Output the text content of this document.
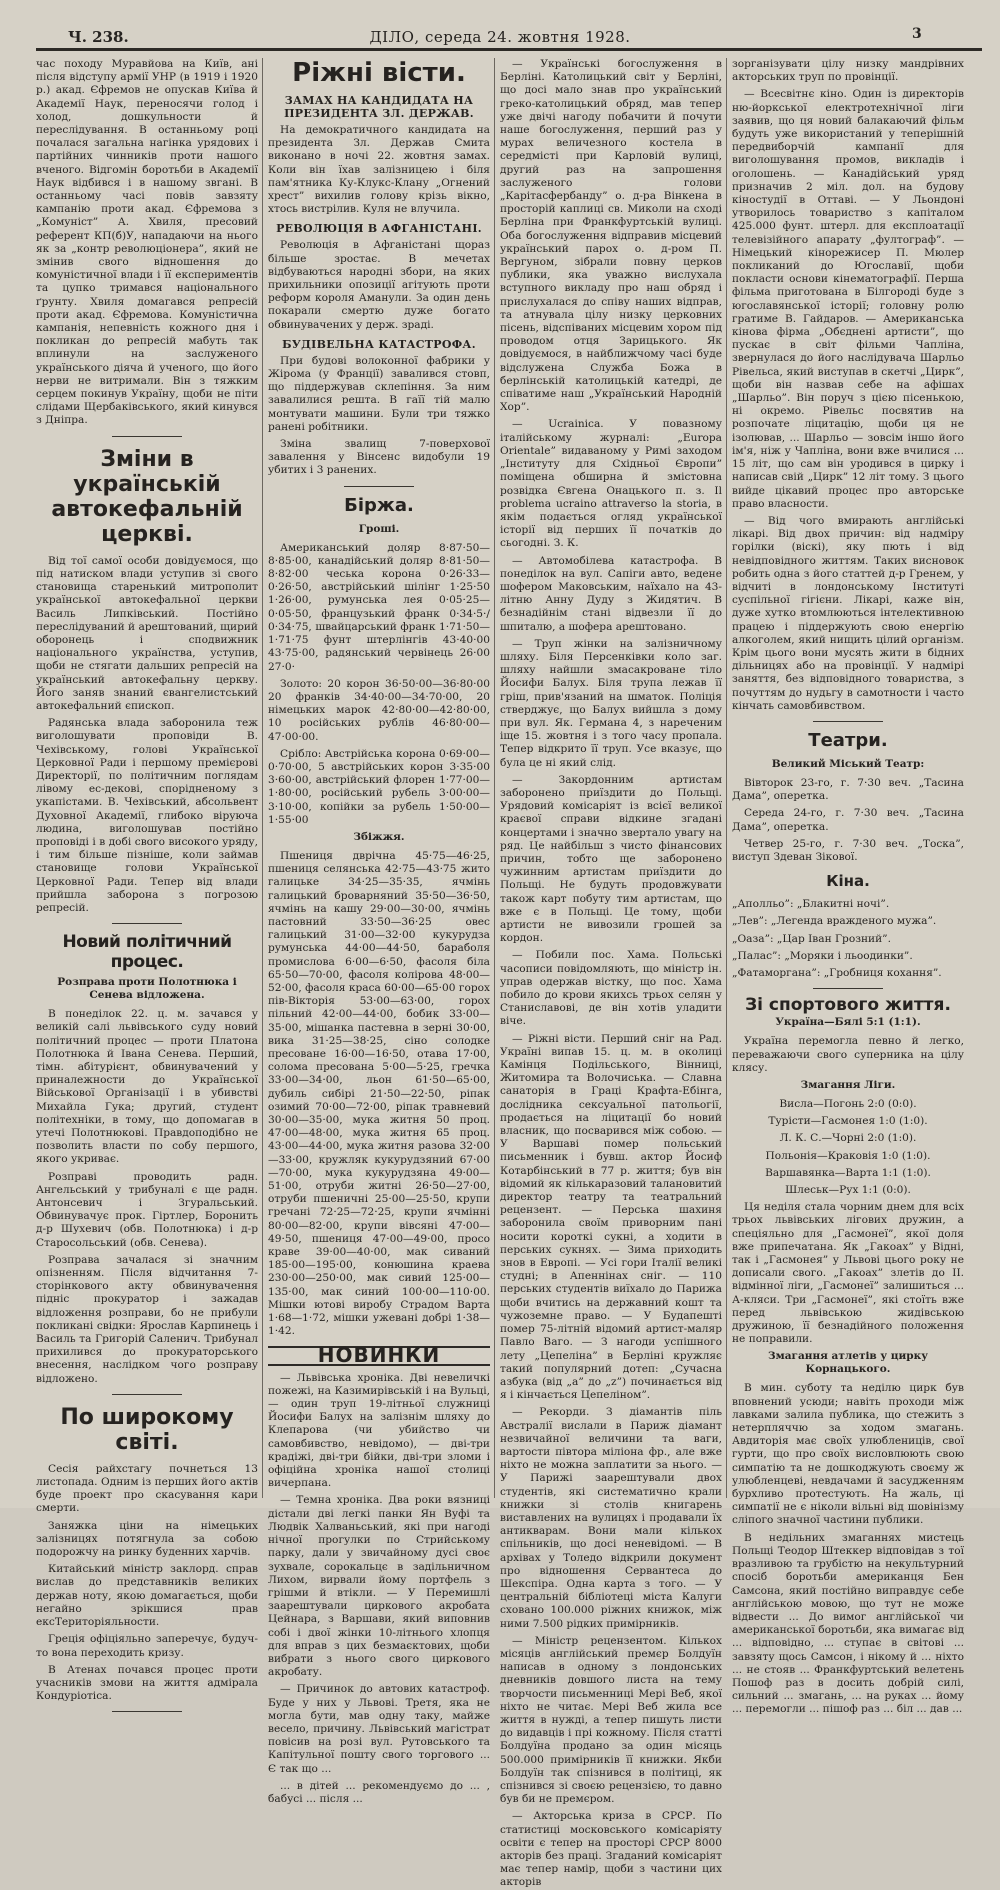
Ч. 238.	ДІЛО, середа 24. жовтня 1928.	3

час походу Муравйова на Київ, ані після відступу армії УНР (в 1919 і 1920 р.) акад. Єфремов не опускав Київа й Академії Наук, переносячи голод і холод, дошкульности й переслідування. В останньому році почалася загальна нагінка урядових і партійних чинників проти нашого вченого. Відгомін боротьби в Академії Наук відбився і в нашому звгані. В останньому часі повів завзяту кампанію проти акад. Єфремова з „Комуніст” А. Хвиля, пресовий референт КП(б)У, нападаючи на нього як за „контр революціонера”, який не змінив свого відношення до комуністичної влади і її експериментів та цупко тримався національного ґрунту. Хвиля домагався репресій проти акад. Єфремова. Комуністична кампанія, непевність кожного дня і покликан до репресій мабуть так вплинули на заслуженого українського діяча й ученого, що його нерви не витримали. Він з тяжким серцем покинув Україну, щоби не піти слідами Щербаківського, який кинувся з Дніпра.

Зміни в українській автокефальній церкві.

Від тої самої особи довідуємося, що під натиском влади уступив зі свого становища старенький митрополит української автокефальної церкви Василь Липківський. Постійно переслідуваний й арештований, щирий оборонець і сподвижник національного українства, уступив, щоби не стягати дальших репресій на український автокефальну церкву. Його заняв знаний євангелистський автокефальний єпископ.

Радянська влада заборонила теж виголошувати проповіди В. Чехівському, голові Української Церковної Ради і першому премієрові Директорії, по політичним поглядам лівому ес-декові, спорідненому з укапістами. В. Чехівський, абсольвент Духовної Академії, глибоко віруюча людина, виголошував постійно проповіді і в добі свого високого уряду, і тим більше пізніше, коли займав становище голови Української Церковної Ради. Тепер від влади прийшла заборона з погрозою репресій.

Новий політичний процес.
Розправа проти Полотнюка і Сенева відложена.

В понеділок 22. ц. м. зачався у великій салі львівського суду новий політичний процес — проти Платона Полотнюка й Івана Сенева. Перший, тімн. абітурієнт, обвинувачений у приналежности до Української Військової Організації і в убивстві Михайла Гука; другий, студент політехніки, в тому, що допомагав в утечі Полотнюкові. Правдоподібно не позволить власти по собу першого, якого укриває.

Розправі проводить радн. Ангельський у трибуналі є ще радн. Антонсевич і Згуральський. Обвинувачує прок. Гіртлер, Боронить д-р Шухевич (обв. Полотнюка) і д-р Старосольський (обв. Сенева).

Розправа зачалася зі значним опізненням. Після відчитання 7-сторінкового акту обвинувачення підніс прокуратор і зажадав відложення розправи, бо не прибули покликані свідки: Ярослав Карпинець і Василь та Григорій Саленич. Трибунал прихилився до прокураторського внесення, наслідком чого розправу відложено.

По широкому світі.

Сесія райхстагу почнеться 13 листопада. Одним із перших його актів буде проект про скасування кари смерти.

Заняжка ціни на німецьких залізницях потягнула за собою подорожчу на ринку буденних харчів.

Китайський міністр заклорд. справ вислав до представників великих держав ноту, якою домагається, щоби негайно зрікшися прав ексТериторіяльности.

Греція офіціяльно заперечує, будуч-то вона переходить кризу.

В Атенах почався процес проти учасників змови на життя адмірала Кондуріотіса.

Ріжні вісти.
ЗАМАХ НА КАНДИДАТА НА ПРЕЗИДЕНТА ЗЛ. ДЕРЖАВ.

На демократичного кандидата на президента Зл. Держав Смита виконано в ночі 22. жовтня замах. Коли він їхав залізницею і біля пам'ятника Ку-Клукс-Клану „Огнений хрест” вихилив голову крізь вікно, хтось вистрілив. Куля не влучила.

РЕВОЛЮЦІЯ В АФГАНІСТАНІ.

Революція в Афганістані щораз більше зростає. В мечетах відбуваються народні збори, на яких прихильники опозиції агітують проти реформ короля Аманули. За один день покарали смертю дуже богато обвинувачених у держ. зраді.

БУДІВЕЛЬНА КАТАСТРОФА.

При будові волоконної фабрики у Жірома (у Франції) завалився стовп, що піддержував склепіння. За ним завалилися решта. В гаїї тій малю монтувати машини. Були три тяжко ранені робітники.

Зміна звалищ 7-поверхової завалення у Вінсенс видобули 19 убитих і 3 ранених.

Біржа.
Гроші.

Американський доляр 8·87·50—8·85·00, канадійський доляр 8·81·50—8·82·00 чеська корона 0·26·33—0·26·50, австрійський шілінг 1·25·50 1·26·00, румунська лея 0·05·25—0·05·50, французький франк 0·34·5·/ 0·34·75, швайцарський франк 1·71·50—1·71·75 фунт штерлінгів 43·40·00 43·75·00, радянський червінець 26·00 27·0·

Золото: 20 корон 36·50·00—36·80·00 20 франків 34·40·00—34·70·00, 20 німецьких марок 42·80·00—42·80·00, 10 російських рублів 46·80·00—47·00·00.

Срібло: Австрійська корона 0·69·00—0·70·00, 5 австрійських корон 3·35·00 3·60·00, австрійський флорен 1·77·00—1·80·00, російський рубель 3·00·00—3·10·00, копійки за рубель 1·50·00—1·55·00

Збіжжя.

Пшениця дврічна 45·75—46·25, пшениця селянська 42·75—43·75 жито галицьке 34·25—35·35, ячмінь галицький броварняний 35·50—36·50, ячмінь на кашу 29·00—30·00, ячмінь пастовний 33·50—36·25 овес галицький 31·00—32·00 кукурудза румунська 44·00—44·50, бараболя промислова 6·00—6·50, фасоля біла 65·50—70·00, фасоля колірова 48·00—52·00, фасоля краса 60·00—65·00 горох пів-Вікторія 53·00—63·00, горох пільний 42·00—44·00, бобик 33·00—35·00, мішанка пастевна в зерні 30·00, вика 31·25—38·25, сіно солодке пресоване 16·00—16·50, отава 17·00, солома пресована 5·00—5·25, гречка 33·00—34·00, льон 61·50—65·00, дубиль сибірі 21·50—22·50, ріпак озимий 70·00—72·00, ріпак травневий 30·00—35·00, мука житня 50 проц. 47·00—48·00, мука житня 65 проц. 43·00—44·00, мука житня разова 32·00—33·00, кружляк кукурудзяний 67·00—70·00, мука кукурудзяна 49·00—51·00, отруби житні 26·50—27·00, отруби пшеничні 25·00—25·50, крупи гречані 72·25—72·25, крупи ячмінні 80·00—82·00, крупи вівсяні 47·00—49·50, пшениця 47·00—49·00, просо краве 39·00—40·00, мак сиваний 185·00—195·00, конюшина краева 230·00—250·00, мак сивий 125·00—135·00, мак синий 100·00—110·00. Мішки ютові виробу Страдом Варта 1·68—1·72, мішки ужевані добрі 1·38—1·42.

НОВИНКИ

— Львівська хроніка. Дві невеличкі пожежі, на Казимирівській і на Вульці, — один труп 19-літньої служниці Йосифи Балух на залізнім шляху до Клепарова (чи убийство чи самовбивство, невідомо), — дві-три крадіжі, дві-три бійки, дві-три зломи і офіційна хроніка нашої столиці вичерпана.

— Темна хроніка. Два роки вязниці дістали дві легкі панки Ян Вуфі та Людвік Халваньський, які при нагоді нічної прогулки по Стрийському парку, дали у звичайному дусі своє зухвале, сорокальцє в задільничном Лихом, вирвали йому портфель з грішми й втікли. — У Перемишлі заарештували циркового акробата Цейнара, з Варшави, який виповнив собі і двої жінки 10-літнього хлопця для вправ з цих безмаєктових, щоби вибрати з нього свого циркового акробату.

— Причинок до автових катастроф. Буде у них у Львові. Третя, яка не могла бути, мав одну таку, майже весело, причину. Львівський магістрат повісив на розі вул. Рутовського та Капітульної пошту свого торгового ... Є так що ...

... в дітей ... рекомендуємо до ... , бабусі ... після ...

— Українські богослуження в Берліні. Католицький світ у Берліні, що досі мало знав про український греко-католицький обряд, мав тепер уже двічі нагоду побачити й почути наше богослуження, перший раз у мурах величезного костела в середмісті при Карловій вулиці, другий раз на запрошення заслуженого голови „Карітасфербанду” о. д-ра Вінкена в просторій каплиці св. Миколи на сході Берліна при Франкфуртській вулиці. Оба богослуження відправив місцевий український парох о. д-ром П. Вергуном, зібрали повну церков публики, яка уважно вислухала вступного викладу про наш обряд і прислухалася до співу наших відправ, та атнувала цілу низку церковних пісень, відспіваних місцевим хором під проводом отця Зарицького. Як довідуємося, в найближчому часі буде відслужена Служба Божа в берлінській католицькій катедрі, де співатиме наш „Український Народній Хор”.

— Ucrainica. У повазному італійському журналі: „Europa Orientale” видаваному у Римі заходом „Інституту для Східньої Європи” поміщена обширна й змістовна розвідка Євгена Онацького п. з. Il problema ucraino attraverso la storia, в якім подається огляд української історії від перших її початків до сьогодні. З. К.

— Автомобілева катастрофа. В понеділок на вул. Сапіги авто, ведене шофером Маковським, наїхало на 43-літню Анну Дуду з Жидятич. В безнадійнім стані відвезли її до шпиталю, а шофера арештовано.

— Труп жінки на залізничному шляху. Біля Персенківки коло заг. шляху найшли змасакроване тіло Йосифи Балух. Біля трупа лежав її гріш, прив'язаний на шматок. Поліція стверджує, що Балух вийшла з дому при вул. Як. Германа 4, з нареченим іще 15. жовтня і з того часу пропала. Тепер відкрито її труп. Усе вказує, що була це ні який слід.

— Закордонним артистам заборонено приїздити до Польщі. Урядовий комісаріят із всієї великої краєвої справи відкине згадані концертами і значно звертало увагу на ряд. Це найбільш з чисто фінансових причин, тобто ще заборонено чужинним артистам приїздити до Польщі. Не будуть продовжувати також карт побуту тим артистам, що вже є в Польщі. Це тому, щоби артисти не вивозили грошей за кордон.

— Побили пос. Хама. Польські часописи повідомляють, що міністр ін. управ одержав вістку, що пос. Хама побило до крови якихсь трьох селян у Станиславові, де він хотів уладити віче.

— Ріжні вісти. Перший сніг на Рад. Україні випав 15. ц. м. в околиці Камінця Подільського, Вінниці, Житомира та Волочиська. — Славна санаторія в Граці Крафта-Ебінга, дослідника сексуальної патольогії, продається на ліцитації бо новий власник, що посварився між собою. — У Варшаві помер польський письменник і бувш. актор Йосиф Котарбінський в 77 р. життя; був він відомий як кількаразовий талановитий директор театру та театральний рецензент. — Перська шахиня заборонила своїм приворним пані носити короткі сукні, а ходити в перських сукнях. — Зима приходить знов в Европі. — Усі гори Італії великі студні; в Апеннінах сніг. — 110 перських студентів виїхало до Парижа щоби вчитись на державний кошт та чужоземне право. — У Будапешті помер 75-літній відомий артист-маляр Павло Ваго. — З нагоди успішного лету „Цепеліна” в Берліні кружляє такий популярний дотеп: „Сучасна азбука (від „а” до „z”) починається від я і кінчається Цепеліном”.

— Рекорди. З діамантів піль Австралії вислали в Париж діамант незвичайної величини та ваги, вартости півтора міліона фр., але вже ніхто не можна заплатити за нього. — У Парижі заарештували двох студентів, які систематично крали книжки зі столів книгарень виставлених на вулицях і продавали їх антикварам. Вони мали кількох спільників, що досі неневідомі. — В архівах у Толедо відкрили документ про відношення Сервантеса до Шекспіра. Одна карта з того. — У центральній бібліотеці міста Калуги сховано 100.000 ріжних книжок, між ними 7.500 рідких примірників.

— Міністр рецензентом. Кількох місяців англійський премєр Болдуїн написав в одному з лондонських дневників довшого листа на тему творчости письменниці Мері Веб, якої ніхто не читає. Мері Веб жила все життя в нужді, а тепер пишуть листи до видавців і прі кожному. Після статті Болдуїна продано за один місяць 500.000 примірників її книжки. Якби Болдуїн так спізнився в політиці, як спізнився зі своєю рецензією, то давно був би не премєром.

— Акторська криза в СРСР. По статистиці московського комісаріяту освіти є тепер на просторі СРСР 8000 акторів без праці. Згаданий комісаріят має тепер намір, щоби з частини цих акторів

зорганізувати цілу низку мандрівних акторських труп по провінції.

— Всесвітнє кіно. Один із директорів ню-йоркської електротехнічної ліги заявив, що ця новий балакаючий фільм будуть уже використаний у теперішній передвиборчій кампанії для виголошування промов, викладів і оголошень. — Канадійський уряд призначив 2 міл. дол. на будову кіностудії в Оттаві. — У Льондоні утворилось товариство з капіталом 425.000 фунт. штерл. для експлоатації телевізійного апарату „фултограф”. — Німецький кінорежисер П. Мюлер покликаний до Югославії, щоби покласти основи кінематографії. Перша фільма приготована в Білгороді буде з югославянської історії; головну ролю гратиме В. Гайдаров. — Американська кінова фірма „Обєднені артисти”, що пускає в світ фільми Чапліна, звернулася до його наслідувача Шарльо Рівельса, який виступав в скетчі „Цирк”, щоби він назвав себе на афішах „Шарльо”. Він поруч з цією пісенькою, ні окремо. Рівельс посвятив на розпочате ліцитацію, щоби ця не ізолював, ... Шарльо — зовсім іншо його ім'я, ніж у Чапліна, вони вже вчилися ... 15 літ, що сам він уродився в цирку і написав свій „Цирк” 12 літ тому. З цього вийде цікавий процес про авторське право власности.

— Від чого вмирають англійські лікарі. Від двох причин: від надміру горілки (віскі), яку пють і від невідповідного життям. Таких висновок робить одна з його статтей д-р Гренем, у відчиті в лондонському Інституті суспільної гігієни. Лікарі, каже він, дуже хутко втомлюються інтелективною працею і піддержують свою енергію алкоголем, який нищить цілий організм. Крім цього вони мусять жити в бідних дільницях або на провінції. У надмірі заняття, без відповідного товариства, з почуттям до нудьгу в самотности і часто кінчать самовбивством.

Театри.
Великий Міський Театр:

Вівторок 23-го, г. 7·30 веч. „Тасина Дама”, оперетка.

Середа 24-го, г. 7·30 веч. „Тасина Дама”, оперетка.

Четвер 25-го, г. 7·30 веч. „Тоска”, виступ Здеван Зікової.

Кіна.

„Аполльо”: „Блакитні ночі”.

„Лев”: „Легенда вражденого мужа”.

„Оаза”: „Цар Іван Грозний”.

„Палас”: „Моряки і льоодинки”.

„Фатаморгана”: „Гробниця кохання”.

Зі спортового життя.
Україна—Бялі 5:1 (1:1).

Україна перемогла певно й легко, переважаючи свого суперника на цілу клясу.

Змагання Ліги.

Висла—Погонь 2:0 (0:0).

Турісти—Гасмонея 1:0 (1:0).

Л. К. С.—Чорні 2:0 (1:0).

Польонія—Краковія 1:0 (1:0).

Варшавянка—Варта 1:1 (1:0).

Шлеськ—Рух 1:1 (0:0).

Ця неділя стала чорним днем для всіх трьох львівських лігових дружин, а спеціяльно для „Гасмонеї”, якої доля вже припечатана. Як „Гакоах” у Відні, так і „Гасмонея” у Львові цього року не дописали свого. „Гакоах” злетів до II. відмінної ліги, „Гасмонеї” залишиться ... А-кляси. Три „Гасмонеї”, які стоїть вже перед львівською жидівською дружиною, її безнадійного положення не поправили.

Змагання атлетів у цирку Корнацького.

В мин. суботу та неділю цирк був вповнений усюди; навіть проходи між лавками залила публика, що стежить з нетерпляччю за ходом змагань. Авдиторія має своїх улюблениців, свої гурти, що про своїх висловлюють свою симпатію та не дошкоджують своєму ж улюбленцеві, невдачами й засудженням бурхливо протестують. На жаль, ці симпатії не є ніколи вільні від шовінізму сліпого значної частини публики.

В недільних змаганнях мистець Польщі Теодор Штеккер відповідав з тої вразливою та грубістю на некультурний спосіб боротьби американця Бен Самсона, який постійно виправдує себе англійською мовою, що тут не може відвести ... До вимог англійської чи американської боротьби, яка вимагає від ... відповідно, ... ступає в світові ... завзяту щось Самсон, і нікому й ... ніхто ... не стояв ... Франкфуртський велетень Пошоф раз в досить добрій силі, сильний ... змагань, ... на руках ... йому ... перемогли ... пішоф раз ... біл ... дав ...
